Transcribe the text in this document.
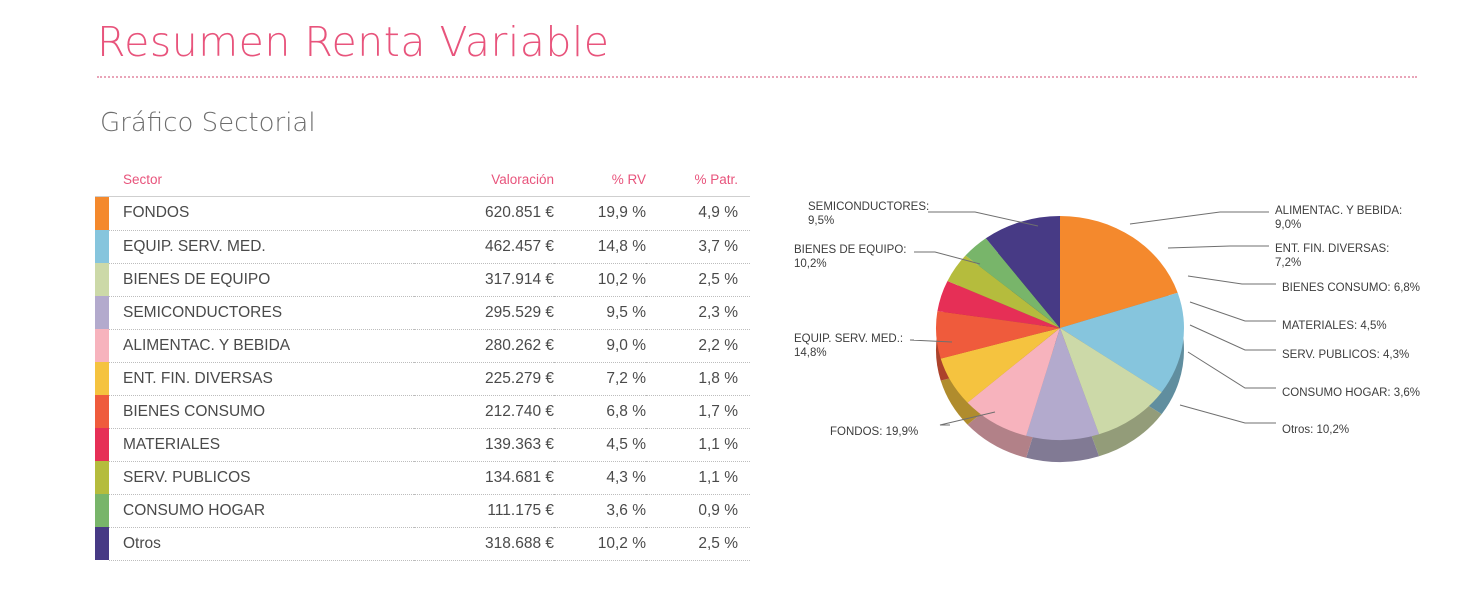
Resumen Renta Variable
Gráfico Sectorial
	Sector	Valoración	% RV	% Patr.

	FONDOS	620.851 €	19,9 %	4,9 %

	EQUIP. SERV. MED.	462.457 €	14,8 %	3,7 %

	BIENES DE EQUIPO	317.914 €	10,2 %	2,5 %

	SEMICONDUCTORES	295.529 €	9,5 %	2,3 %

	ALIMENTAC. Y BEBIDA	280.262 €	9,0 %	2,2 %

	ENT. FIN. DIVERSAS	225.279 €	7,2 %	1,8 %

	BIENES CONSUMO	212.740 €	6,8 %	1,7 %

	MATERIALES	139.363 €	4,5 %	1,1 %

	SERV. PUBLICOS	134.681 €	4,3 %	1,1 %

	CONSUMO HOGAR	111.175 €	3,6 %	0,9 %

	Otros	318.688 €	10,2 %	2,5 %
FONDOS: 19,9%
EQUIP. SERV. MED.: 14,8%
BIENES DE EQUIPO: 10,2%
SEMICONDUCTORES: 9,5%
ALIMENTAC. Y BEBIDA: 9,0%
ENT. FIN. DIVERSAS: 7,2%
BIENES CONSUMO: 6,8%
MATERIALES: 4,5%
SERV. PUBLICOS: 4,3%
CONSUMO HOGAR: 3,6%
Otros: 10,2%
